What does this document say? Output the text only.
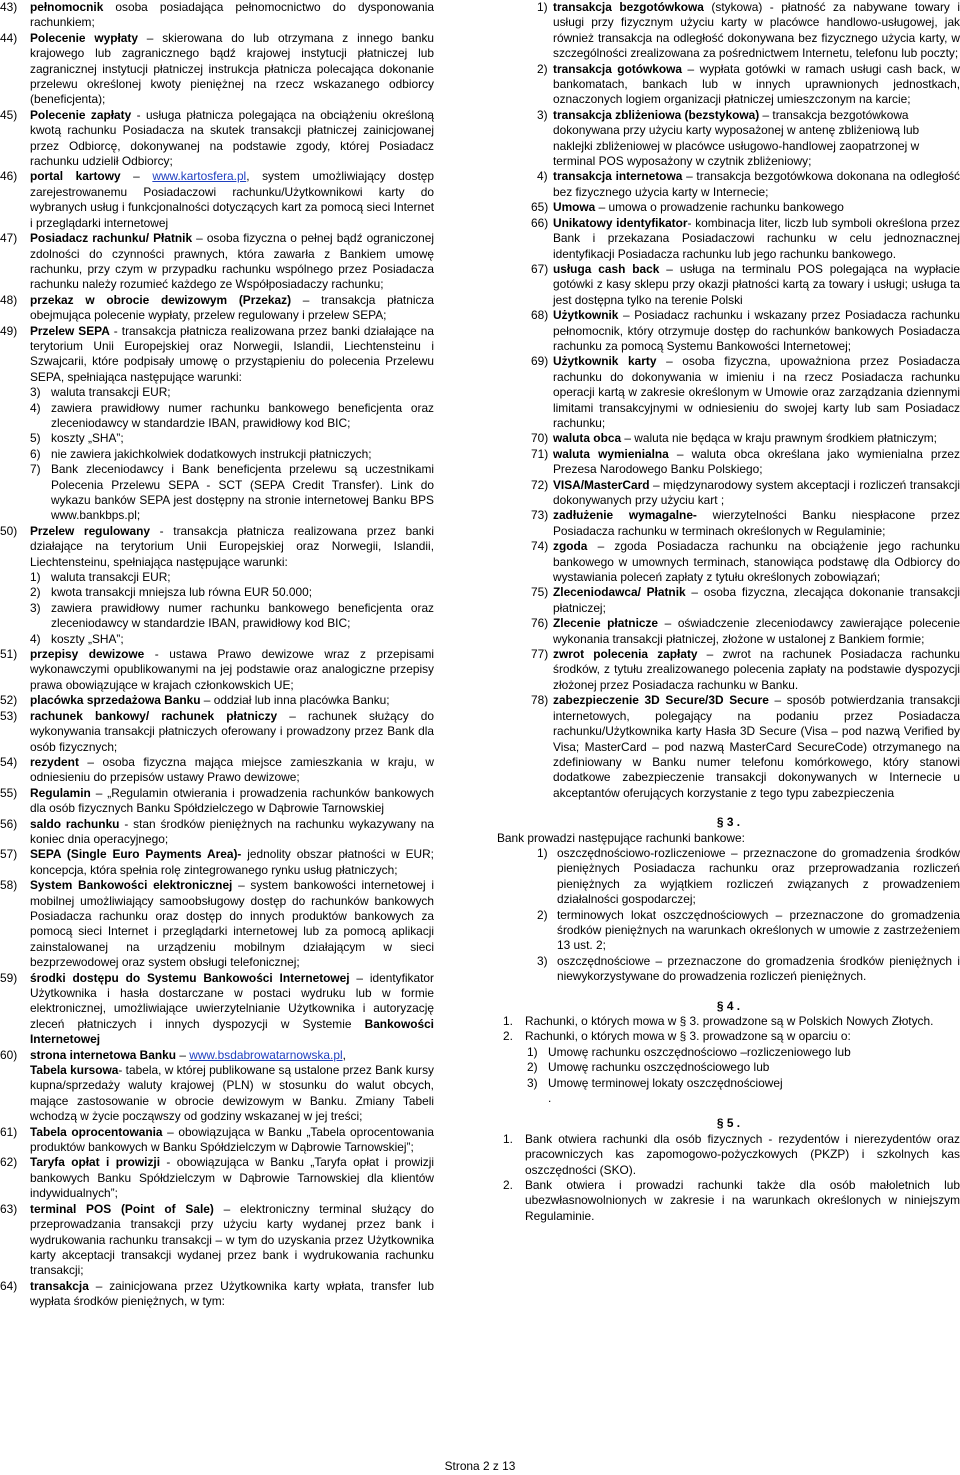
43) pełnomocnik osoba posiadająca pełnomocnictwo do dysponowania rachunkiem;

44) Polecenie wypłaty – skierowana do lub otrzymana z innego banku krajowego lub zagranicznego bądź krajowej instytucji płatniczej lub zagranicznej instytucji płatniczej instrukcja płatnicza polecająca dokonanie przelewu określonej kwoty pieniężnej na rzecz wskazanego odbiorcy (beneficjenta);

45) Polecenie zapłaty - usługa płatnicza polegająca na obciążeniu określoną kwotą rachunku Posiadacza na skutek transakcji płatniczej zainicjowanej przez Odbiorcę, dokonywanej na podstawie zgody, której Posiadacz rachunku udzielił Odbiorcy;

46) portal kartowy – www.kartosfera.pl, system umożliwiający dostęp zarejestrowanemu Posiadaczowi rachunku/Użytkownikowi karty do wybranych usług i funkcjonalności dotyczących kart za pomocą sieci Internet i przeglądarki internetowej

47) Posiadacz rachunku/ Płatnik – osoba fizyczna o pełnej bądź ograniczonej zdolności do czynności prawnych, która zawarła z Bankiem umowę rachunku, przy czym w przypadku rachunku wspólnego przez Posiadacza rachunku należy rozumieć każdego ze Współposiadaczy rachunku;

48) przekaz w obrocie dewizowym (Przekaz) – transakcja płatnicza obejmująca polecenie wypłaty, przelew regulowany i przelew SEPA;

49) Przelew SEPA - transakcja płatnicza realizowana przez banki działające na terytorium Unii Europejskiej oraz Norwegii, Islandii, Liechtensteinu i Szwajcarii, które podpisały umowę o przystąpieniu do polecenia Przelewu SEPA, spełniająca następujące warunki:

3) waluta transakcji EUR;
4) zawiera prawidłowy numer rachunku bankowego beneficjenta oraz zleceniodawcy w standardzie IBAN, prawidłowy kod BIC;
5) koszty „SHA”;
6) nie zawiera jakichkolwiek dodatkowych instrukcji płatniczych;
7) Bank zleceniodawcy i Bank beneficjenta przelewu są uczestnikami Polecenia Przelewu SEPA - SCT (SEPA Credit Transfer). Link do wykazu banków SEPA jest dostępny na stronie internetowej Banku BPS www.bankbps.pl;
50) Przelew regulowany - transakcja płatnicza realizowana przez banki działające na terytorium Unii Europejskiej oraz Norwegii, Islandii, Liechtensteinu, spełniająca następujące warunki:

1) waluta transakcji EUR;
2) kwota transakcji mniejsza lub równa EUR 50.000;
3) zawiera prawidłowy numer rachunku bankowego beneficjenta oraz zleceniodawcy w standardzie IBAN, prawidłowy kod BIC;
4) koszty „SHA”;
51) przepisy dewizowe - ustawa Prawo dewizowe wraz z przepisami wykonawczymi opublikowanymi na jej podstawie oraz analogiczne przepisy prawa obowiązujące w krajach członkowskich UE;

52) placówka sprzedażowa Banku – oddział lub inna placówka Banku;

53) rachunek bankowy/ rachunek płatniczy – rachunek służący do wykonywania transakcji płatniczych oferowany i prowadzony przez Bank dla osób fizycznych;

54) rezydent – osoba fizyczna mająca miejsce zamieszkania w kraju, w odniesieniu do przepisów ustawy Prawo dewizowe;

55) Regulamin – „Regulamin otwierania i prowadzenia rachunków bankowych dla osób fizycznych Banku Spółdzielczego w Dąbrowie Tarnowskiej

56) saldo rachunku - stan środków pieniężnych na rachunku wykazywany na koniec dnia operacyjnego;

57) SEPA (Single Euro Payments Area)- jednolity obszar płatności w EUR; koncepcja, która spełnia rolę zintegrowanego rynku usług płatniczych;

58) System Bankowości elektronicznej – system bankowości internetowej i mobilnej umożliwiający samoobsługowy dostęp do rachunków bankowych Posiadacza rachunku oraz dostęp do innych produktów bankowych za pomocą sieci Internet i przeglądarki internetowej lub za pomocą aplikacji zainstalowanej na urządzeniu mobilnym działającym w sieci bezprzewodowej oraz system obsługi telefonicznej;

59) środki dostępu do Systemu Bankowości Internetowej – identyfikator Użytkownika i hasła dostarczane w postaci wydruku lub w formie elektronicznej, umożliwiające uwierzytelnianie Użytkownika i autoryzację zleceń płatniczych i innych dyspozycji w Systemie Bankowości Internetowej

60) strona internetowa Banku – www.bsdabrowatarnowska.pl,
Tabela kursowa- tabela, w której publikowane są ustalone przez Bank kursy kupna/sprzedaży waluty krajowej (PLN) w stosunku do walut obcych, mające zastosowanie w obrocie dewizowym w Banku. Zmiany Tabeli wchodzą w życie począwszy od godziny wskazanej w jej treści;

61) Tabela oprocentowania – obowiązująca w Banku „Tabela oprocentowania produktów bankowych w Banku Spółdzielczym w Dąbrowie Tarnowskiej”;

62) Taryfa opłat i prowizji - obowiązująca w Banku „Taryfa opłat i prowizji bankowych Banku Spółdzielczym w Dąbrowie Tarnowskiej dla klientów indywidualnych”;

63) terminal POS (Point of Sale) – elektroniczny terminal służący do przeprowadzania transakcji przy użyciu karty wydanej przez bank i wydrukowania rachunku transakcji – w tym do uzyskania przez Użytkownika karty akceptacji transakcji wydanej przez bank i wydrukowania rachunku transakcji;

64) transakcja – zainicjowana przez Użytkownika karty wpłata, transfer lub wypłata środków pieniężnych, w tym:

1) transakcja bezgotówkowa (stykowa) - płatność za nabywane towary i usługi przy fizycznym użyciu karty w placówce handlowo-usługowej, jak również transakcja na odległość dokonywana bez fizycznego użycia karty, w szczególności zrealizowana za pośrednictwem Internetu, telefonu lub poczty;
2) transakcja gotówkowa – wypłata gotówki w ramach usługi cash back, w bankomatach, bankach lub w innych uprawnionych jednostkach, oznaczonych logiem organizacji płatniczej umieszczonym na karcie;
3) transakcja zbliżeniowa (bezstykowa) – transakcja bezgotówkowa dokonywana przy użyciu karty wyposażonej w antenę zbliżeniową lub naklejki zbliżeniowej w placówce usługowo-handlowej zaopatrzonej w terminal POS wyposażony w czytnik zbliżeniowy;
4) transakcja internetowa – transakcja bezgotówkowa dokonana na odległość bez fizycznego użycia karty w Internecie;
65) Umowa – umowa o prowadzenie rachunku bankowego
66) Unikatowy identyfikator- kombinacja liter, liczb lub symboli określona przez Bank i przekazana Posiadaczowi rachunku w celu jednoznacznej identyfikacji Posiadacza rachunku lub jego rachunku bankowego.
67) usługa cash back – usługa na terminalu POS polegająca na wypłacie gotówki z kasy sklepu przy okazji płatności kartą za towary i usługi; usługa ta jest dostępna tylko na terenie Polski
68) Użytkownik – Posiadacz rachunku i wskazany przez Posiadacza rachunku pełnomocnik, który otrzymuje dostęp do rachunków bankowych Posiadacza rachunku za pomocą Systemu Bankowości Internetowej;
69) Użytkownik karty – osoba fizyczna, upoważniona przez Posiadacza rachunku do dokonywania w imieniu i na rzecz Posiadacza rachunku operacji kartą w zakresie określonym w Umowie oraz zarządzania dziennymi limitami transakcyjnymi w odniesieniu do swojej karty lub sam Posiadacz rachunku;
70) waluta obca – waluta nie będąca w kraju prawnym środkiem płatniczym;
71) waluta wymienialna – waluta obca określana jako wymienialna przez Prezesa Narodowego Banku Polskiego;
72) VISA/MasterCard – międzynarodowy system akceptacji i rozliczeń transakcji dokonywanych przy użyciu kart ;
73) zadłużenie wymagalne- wierzytelności Banku niespłacone przez Posiadacza rachunku w terminach określonych w Regulaminie;
74) zgoda – zgoda Posiadacza rachunku na obciążenie jego rachunku bankowego w umownych terminach, stanowiąca podstawę dla Odbiorcy do wystawiania poleceń zapłaty z tytułu określonych zobowiązań;
75) Zleceniodawca/ Płatnik – osoba fizyczna, zlecająca dokonanie transakcji płatniczej;
76) Zlecenie płatnicze – oświadczenie zleceniodawcy zawierające polecenie wykonania transakcji płatniczej, złożone w ustalonej z Bankiem formie;
77) zwrot polecenia zapłaty – zwrot na rachunek Posiadacza rachunku środków, z tytułu zrealizowanego polecenia zapłaty na podstawie dyspozycji złożonej przez Posiadacza rachunku w Banku.
78) zabezpieczenie 3D Secure/3D Secure – sposób potwierdzania transakcji internetowych, polegający na podaniu przez Posiadacza rachunku/Użytkownika karty Hasła 3D Secure (Visa – pod nazwą Verified by Visa; MasterCard – pod nazwą MasterCard SecureCode) otrzymanego na zdefiniowany w Banku numer telefonu komórkowego, który stanowi dodatkowe zabezpieczenie transakcji dokonywanych w Internecie u akceptantów oferujących korzystanie z tego typu zabezpieczenia

§ 3 .

Bank prowadzi następujące rachunki bankowe:

1) oszczędnościowo-rozliczeniowe – przeznaczone do gromadzenia środków pieniężnych Posiadacza rachunku oraz przeprowadzania rozliczeń pieniężnych za wyjątkiem rozliczeń związanych z prowadzeniem działalności gospodarczej;
2) terminowych lokat oszczędnościowych – przeznaczone do gromadzenia środków pieniężnych na warunkach określonych w umowie z zastrzeżeniem 13 ust. 2;
3) oszczędnościowe – przeznaczone do gromadzenia środków pieniężnych i niewykorzystywane do prowadzenia rozliczeń pieniężnych.

§ 4 .

1. Rachunki, o których mowa w § 3. prowadzone są w Polskich Nowych Złotych.
2. Rachunki, o których mowa w § 3. prowadzone są w oparciu o:
1) Umowę rachunku oszczędnościowo –rozliczeniowego lub
2) Umowę rachunku oszczędnościowego lub
3) Umowę terminowej lokaty oszczędnościowej

.

§ 5 .

1. Bank otwiera rachunki dla osób fizycznych - rezydentów i nierezydentów oraz pracowniczych kas zapomogowo-pożyczkowych (PKZP) i szkolnych kas oszczędności (SKO).
2. Bank otwiera i prowadzi rachunki także dla osób małoletnich lub ubezwłasnowolnionych w zakresie i na warunkach określonych w niniejszym Regulaminie.
Strona 2 z 13
